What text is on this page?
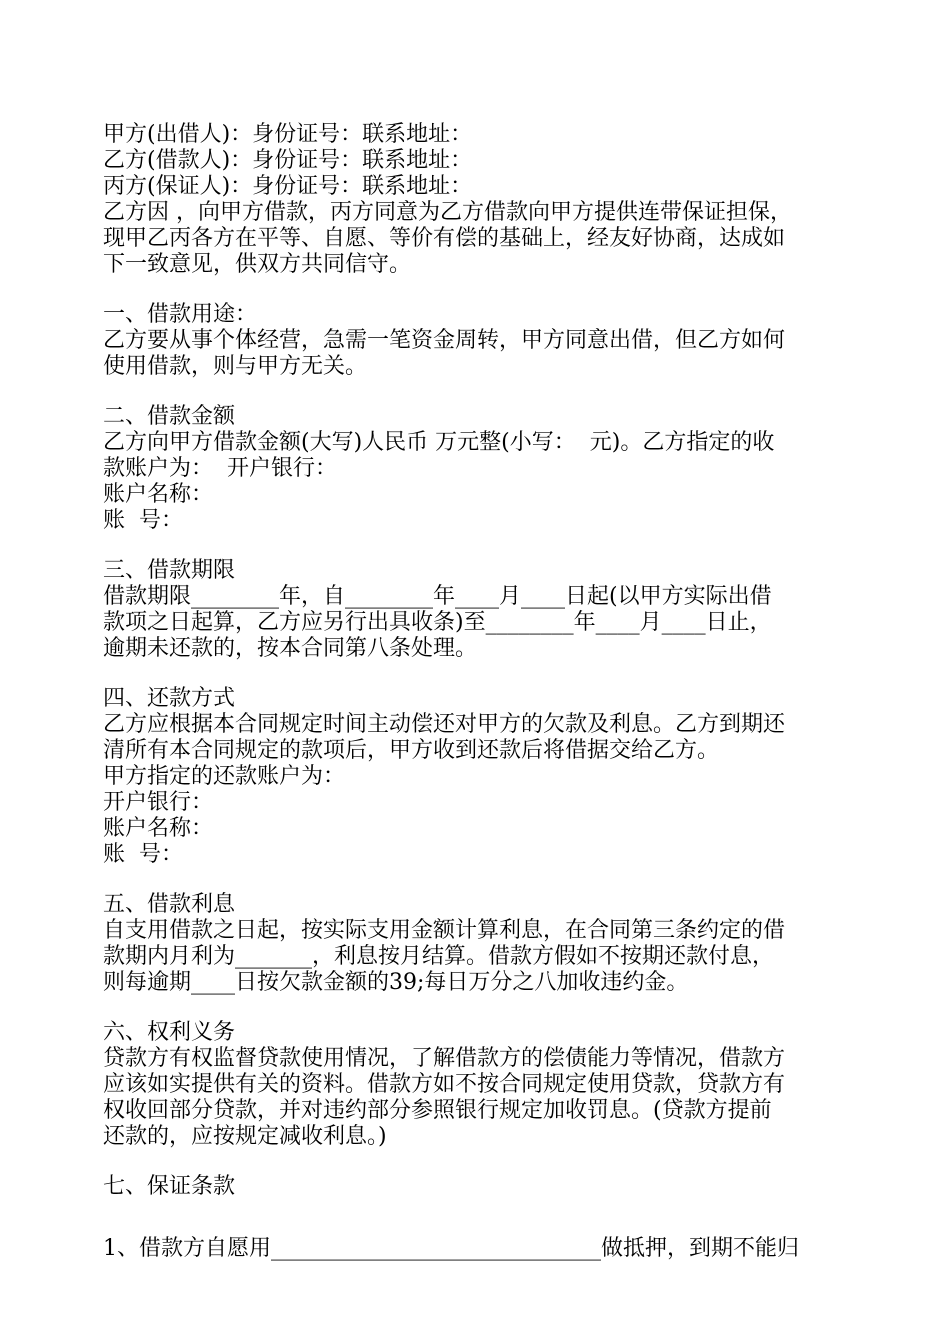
甲方(出借人)：身份证号：联系地址：
乙方(借款人)：身份证号：联系地址：
丙方(保证人)：身份证号：联系地址：
乙方因 ，向甲方借款，丙方同意为乙方借款向甲方提供连带保证担保，
现甲乙丙各方在平等、自愿、等价有偿的基础上，经友好协商，达成如
下一致意见，供双方共同信守。
一、借款用途：
乙方要从事个体经营，急需一笔资金周转，甲方同意出借，但乙方如何
使用借款，则与甲方无关。
二、借款金额
乙方向甲方借款金额(大写)人民币 万元整(小写：  元)。乙方指定的收
款账户为：  开户银行：
账户名称：
账  号：
三、借款期限
借款期限________年，自________年____月____日起(以甲方实际出借
款项之日起算，乙方应另行出具收条)至________年____月____日止，
逾期未还款的，按本合同第八条处理。
四、还款方式
乙方应根据本合同规定时间主动偿还对甲方的欠款及利息。乙方到期还
清所有本合同规定的款项后，甲方收到还款后将借据交给乙方。
甲方指定的还款账户为：
开户银行：
账户名称：
账  号：
五、借款利息
自支用借款之日起，按实际支用金额计算利息，在合同第三条约定的借
款期内月利为_______，利息按月结算。借款方假如不按期还款付息，
则每逾期____日按欠款金额的39;每日万分之八加收违约金。
六、权利义务
贷款方有权监督贷款使用情况，了解借款方的偿债能力等情况，借款方
应该如实提供有关的资料。借款方如不按合同规定使用贷款，贷款方有
权收回部分贷款，并对违约部分参照银行规定加收罚息。(贷款方提前
还款的，应按规定减收利息。)
七、保证条款
1、借款方自愿用______________________________做抵押，到期不能归
